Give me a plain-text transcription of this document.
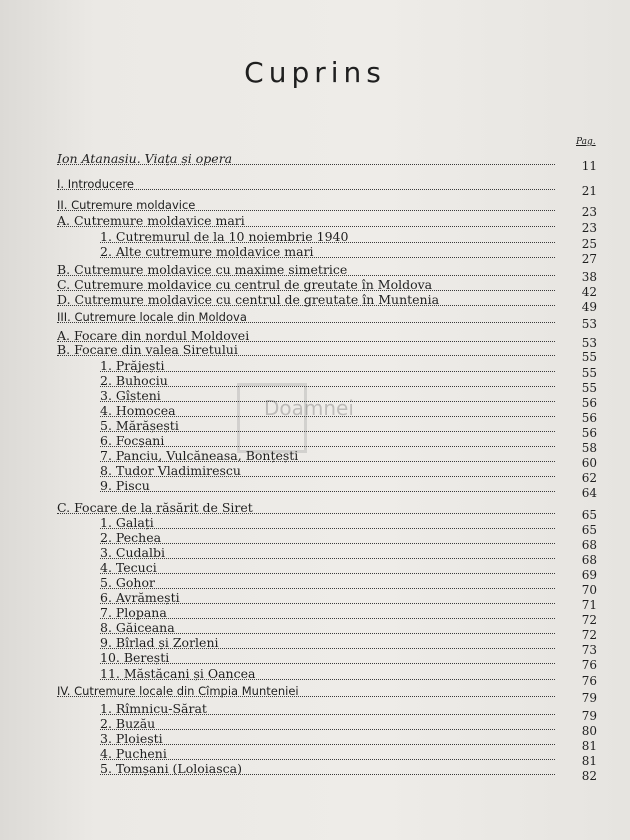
Cuprins
Pag.
Doamnei
Ion Atanasiu. Viața și opera	11
I. Introducere	21
II. Cutremure moldavice	23
A. Cutremure moldavice mari	23
1. Cutremurul de la 10 noiembrie 1940	25
2. Alte cutremure moldavice mari	27
B. Cutremure moldavice cu maxime simetrice	38
C. Cutremure moldavice cu centrul de greutate în Moldova	42
D. Cutremure moldavice cu centrul de greutate în Muntenia	49
III. Cutremure locale din Moldova	53
A. Focare din nordul Moldovei	53
B. Focare din valea Siretului	55
1. Prăjești	55
2. Buhociu	55
3. Gîșteni	56
4. Homocea	56
5. Mărășești	56
6. Focșani	58
7. Panciu, Vulcăneasa, Bonțești	60
8. Tudor Vladimirescu	62
9. Piscu	64
C. Focare de la răsărit de Siret	65
1. Galați	65
2. Pechea	68
3. Cudalbi	68
4. Tecuci	69
5. Gohor	70
6. Avrămești	71
7. Plopana	72
8. Găiceana	72
9. Bîrlad și Zorleni	73
10. Berești	76
11. Măstăcani și Oancea	76
IV. Cutremure locale din Cîmpia Munteniei	79
1. Rîmnicu-Sărat	79
2. Buzău	80
3. Ploiești	81
4. Pucheni	81
5. Tomșani (Loloiasca)	82
